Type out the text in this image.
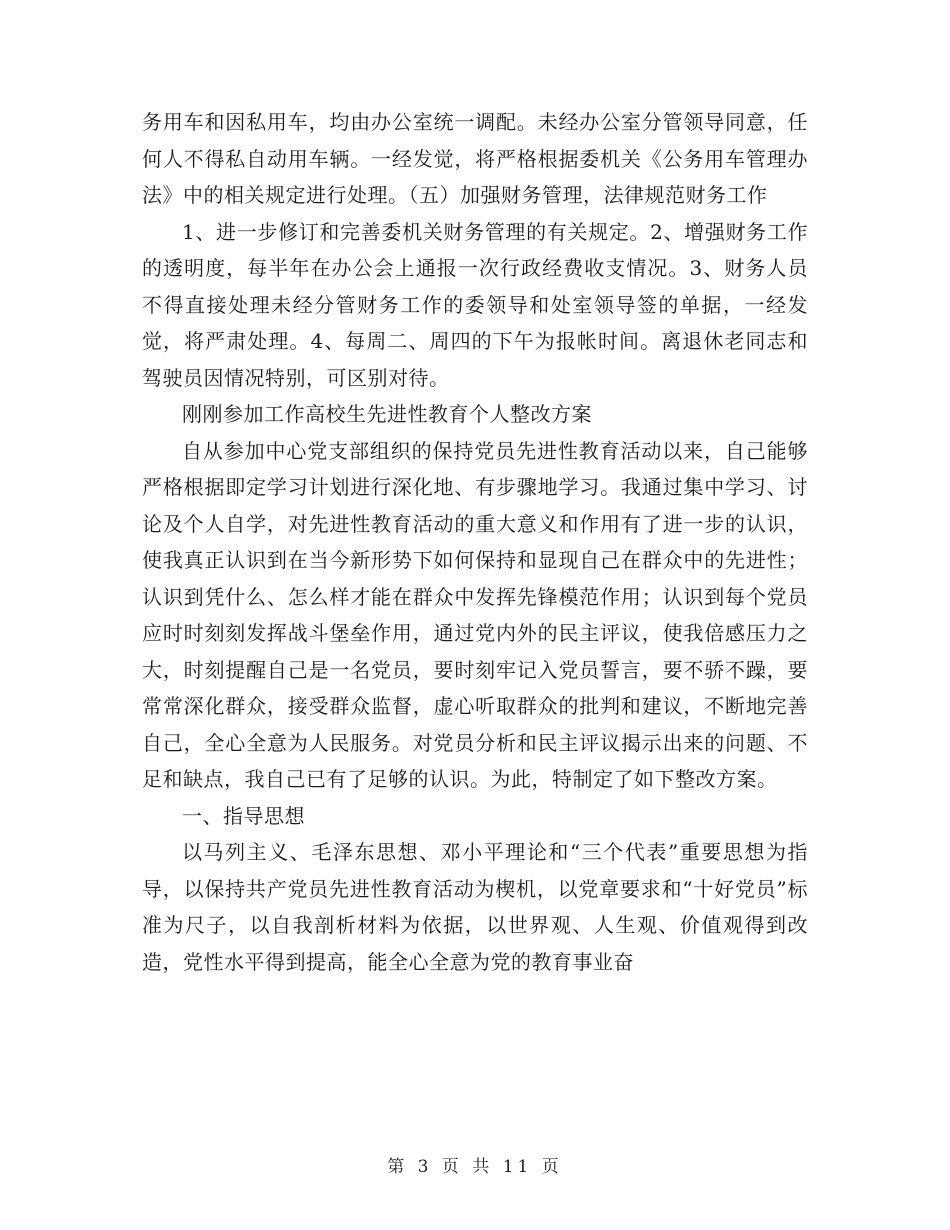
务用车和因私用车，均由办公室统一调配。未经办公室分管领导同意，任何人不得私自动用车辆。一经发觉，将严格根据委机关《公务用车管理办法》中的相关规定进行处理。（五）加强财务管理，法律规范财务工作

1、进一步修订和完善委机关财务管理的有关规定。2、增强财务工作的透明度，每半年在办公会上通报一次行政经费收支情况。3、财务人员不得直接处理未经分管财务工作的委领导和处室领导签的单据，一经发觉，将严肃处理。4、每周二、周四的下午为报帐时间。离退休老同志和驾驶员因情况特别，可区别对待。

刚刚参加工作高校生先进性教育个人整改方案

自从参加中心党支部组织的保持党员先进性教育活动以来，自己能够严格根据即定学习计划进行深化地、有步骤地学习。我通过集中学习、讨论及个人自学，对先进性教育活动的重大意义和作用有了进一步的认识，使我真正认识到在当今新形势下如何保持和显现自己在群众中的先进性；认识到凭什么、怎么样才能在群众中发挥先锋模范作用；认识到每个党员应时时刻刻发挥战斗堡垒作用，通过党内外的民主评议，使我倍感压力之大，时刻提醒自己是一名党员，要时刻牢记入党员誓言，要不骄不躁，要常常深化群众，接受群众监督，虚心听取群众的批判和建议，不断地完善自己，全心全意为人民服务。对党员分析和民主评议揭示出来的问题、不足和缺点，我自己已有了足够的认识。为此，特制定了如下整改方案。

一、指导思想

以马列主义、毛泽东思想、邓小平理论和“三个代表”重要思想为指导，以保持共产党员先进性教育活动为楔机，以党章要求和“十好党员”标准为尺子，以自我剖析材料为依据，以世界观、人生观、价值观得到改造，党性水平得到提高，能全心全意为党的教育事业奋

第 3 页 共 11 页
